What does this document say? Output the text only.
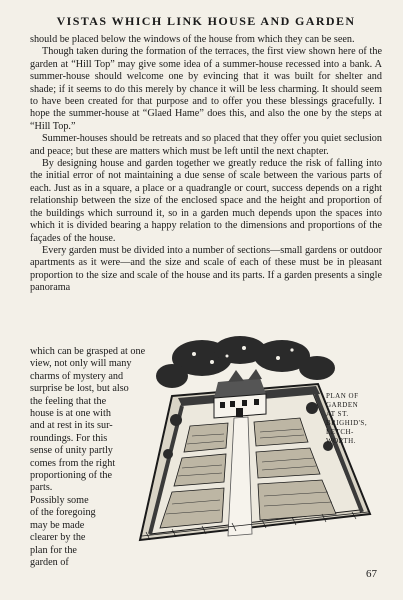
VISTAS WHICH LINK HOUSE AND GARDEN

should be placed below the windows of the house from which they can be seen.

Though taken during the formation of the terraces, the first view shown here of the garden at “Hill Top” may give some idea of a summer-house recessed into a bank. A summer-house should welcome one by evincing that it was built for shelter and shade; if it seems to do this merely by chance it will be less charming. It should seem to have been created for that purpose and to offer you these blessings gracefully. I hope the summer-house at “Glaed Hame” does this, and also the one by the steps at “Hill Top.”

Summer-houses should be retreats and so placed that they offer you quiet seclusion and peace; but these are matters which must be left until the next chapter.

By designing house and garden together we greatly reduce the risk of falling into the initial error of not maintaining a due sense of scale between the various parts of each. Just as in a square, a place or a quadrangle or court, success depends on a right relationship between the size of the enclosed space and the height and proportion of the buildings which surround it, so in a garden much depends upon the spaces into which it is divided bearing a happy relation to the dimensions and proportions of the façades of the house.

Every garden must be divided into a number of sections—small gardens or outdoor apartments as it were—and the size and scale of each of these must be in pleasant proportion to the size and scale of the house and its parts. If a garden presents a single panorama

which can be grasped at one
view, not only will many
charms of mystery and
surprise be lost, but also
the feeling that the
house is at one with
and at rest in its sur-
roundings. For this
sense of unity partly
comes from the right
proportioning of the
parts.
Possibly some
of the foregoing
may be made
clearer by the
plan for the
garden of
PLAN OF
GARDEN
AT ST.
BRIGHID'S,
LETCH-
WORTH.
67
